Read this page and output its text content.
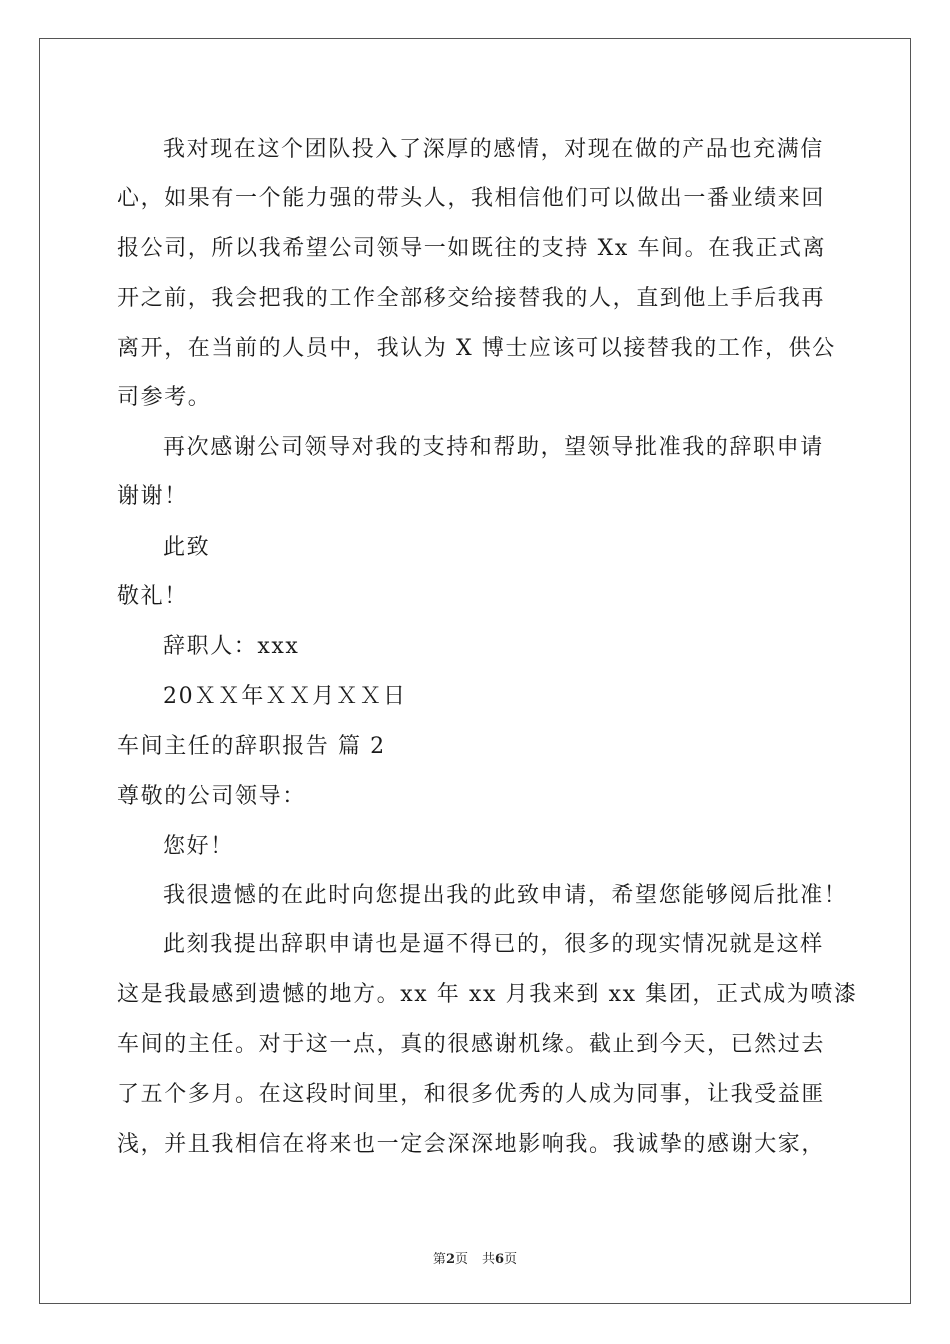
我对现在这个团队投入了深厚的感情，对现在做的产品也充满信
心，如果有一个能力强的带头人，我相信他们可以做出一番业绩来回
报公司，所以我希望公司领导一如既往的支持 Xx 车间。在我正式离
开之前，我会把我的工作全部移交给接替我的人，直到他上手后我再
离开，在当前的人员中，我认为 X 博士应该可以接替我的工作，供公
司参考。
再次感谢公司领导对我的支持和帮助，望领导批准我的辞职申请
谢谢！
此致
敬礼！
辞职人：xxx
20ＸＸ年ＸＸ月ＸＸ日
车间主任的辞职报告 篇 2
尊敬的公司领导：
您好！
我很遗憾的在此时向您提出我的此致申请，希望您能够阅后批准！
此刻我提出辞职申请也是逼不得已的，很多的现实情况就是这样
这是我最感到遗憾的地方。xx 年 xx 月我来到 xx 集团，正式成为喷漆
车间的主任。对于这一点，真的很感谢机缘。截止到今天，已然过去
了五个多月。在这段时间里，和很多优秀的人成为同事，让我受益匪
浅，并且我相信在将来也一定会深深地影响我。我诚挚的感谢大家，
第2页 共6页
